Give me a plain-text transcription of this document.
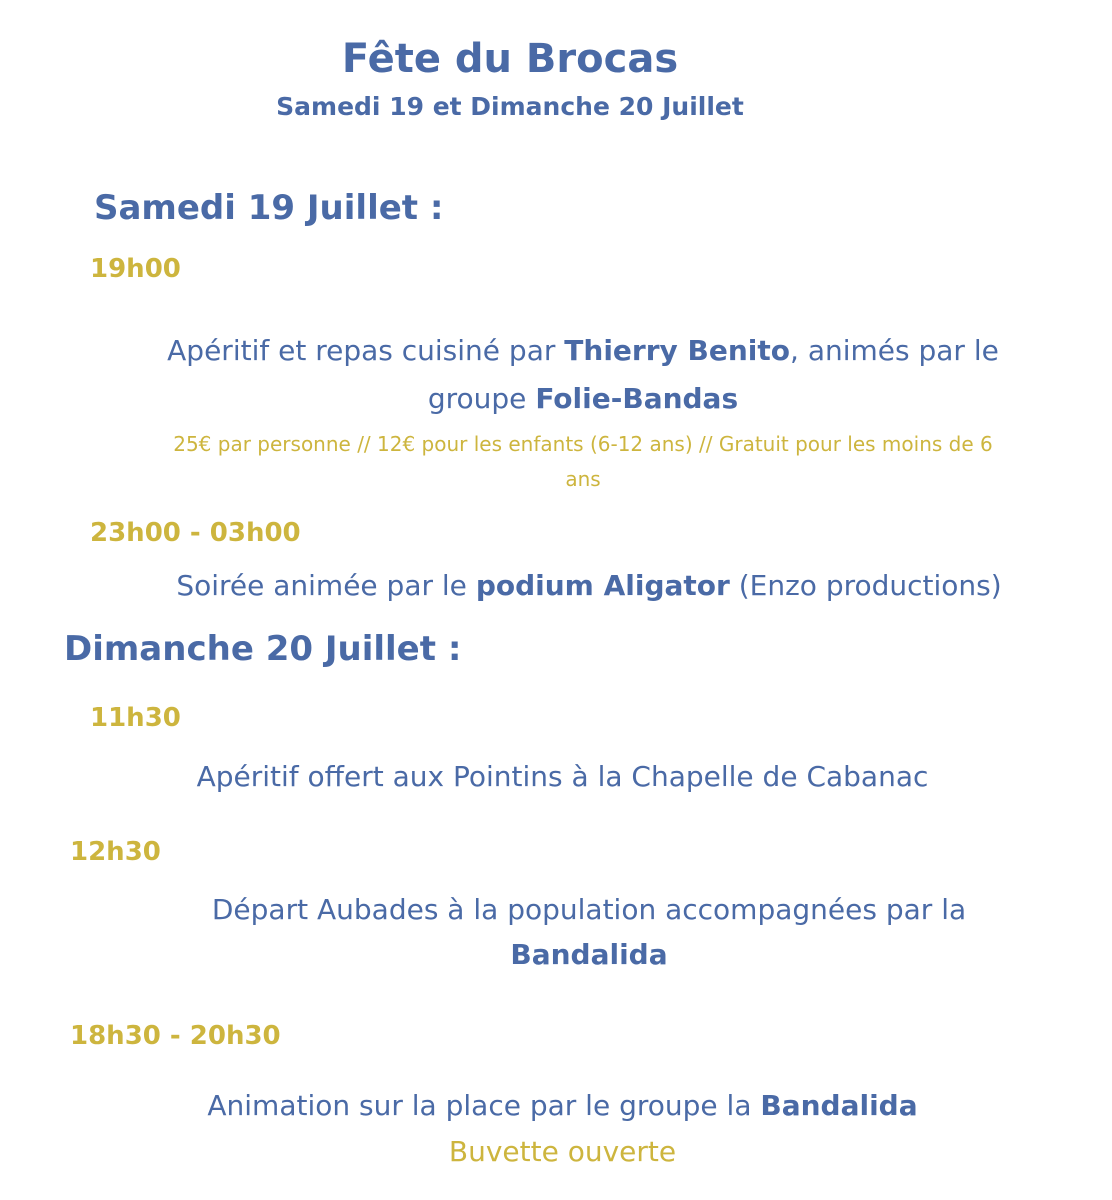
Fête du Brocas
Samedi 19 et Dimanche 20 Juillet
Samedi 19 Juillet :
19h00
Apéritif et repas cuisiné par Thierry Benito, animés par le
groupe Folie-Bandas
25€ par personne // 12€ pour les enfants (6-12 ans) // Gratuit pour les moins de 6
ans
23h00 - 03h00
Soirée animée par le podium Aligator (Enzo productions)
Dimanche 20 Juillet :
11h30
Apéritif offert aux Pointins à la Chapelle de Cabanac
12h30
Départ Aubades à la population accompagnées par la
Bandalida
18h30 - 20h30
Animation sur la place par le groupe la Bandalida
Buvette ouverte
